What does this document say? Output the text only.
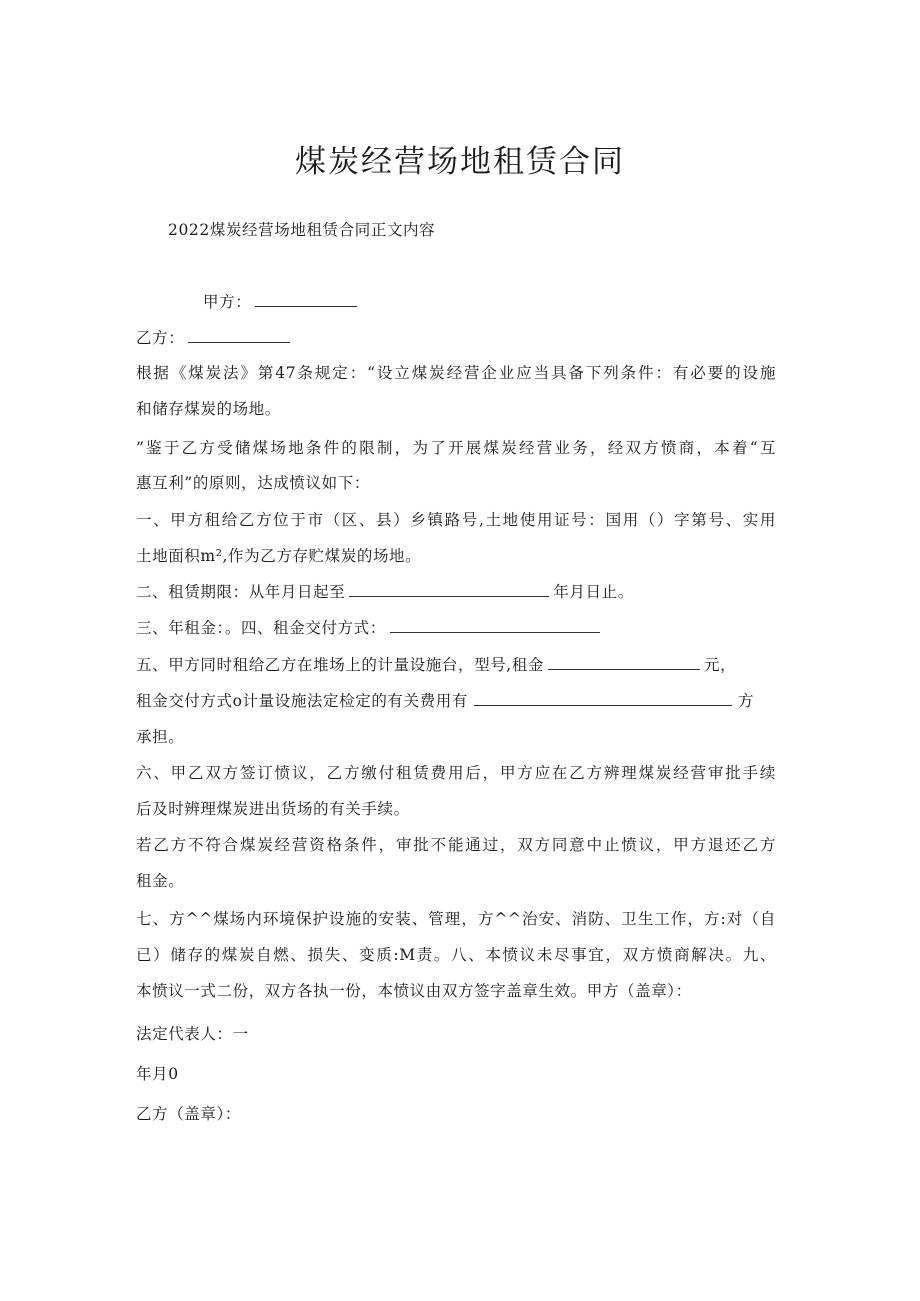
煤炭经营场地租赁合同
2022煤炭经营场地租赁合同正文内容
甲方：
乙方：
根据《煤炭法》第47条规定：“设立煤炭经营企业应当具备下列条件：有必要的设施
和储存煤炭的场地。
”鉴于乙方受储煤场地条件的限制，为了开展煤炭经营业务，经双方愤商，本着“互
惠互利”的原则，达成愤议如下：
一、甲方租给乙方位于市（区、县）乡镇路号,土地使用证号：国用（）字第号、实用
土地面积m²,作为乙方存贮煤炭的场地。
二、租赁期限：从年月日起至	年月日止。
三、年租金：。四、租金交付方式：
五、甲方同时租给乙方在堆场上的计量设施台，型号,租金	元，
租金交付方式o计量设施法定检定的有关费用有	方
承担。
六、甲乙双方签订愤议，乙方缴付租赁费用后，甲方应在乙方辨理煤炭经营审批手续
后及时辨理煤炭进出货场的有关手续。
若乙方不符合煤炭经营资格条件，审批不能通过，双方同意中止愤议，甲方退还乙方
租金。
七、方^^煤场内环境保护设施的安装、管理，方^^治安、消防、卫生工作，方:对（自
已）储存的煤炭自燃、损失、变质:M责。八、本愤议未尽事宜，双方愤商解决。九、
本愤议一式二份，双方各执一份，本愤议由双方签字盖章生效。甲方（盖章）：
法定代表人：一
年月0
乙方（盖章）：
